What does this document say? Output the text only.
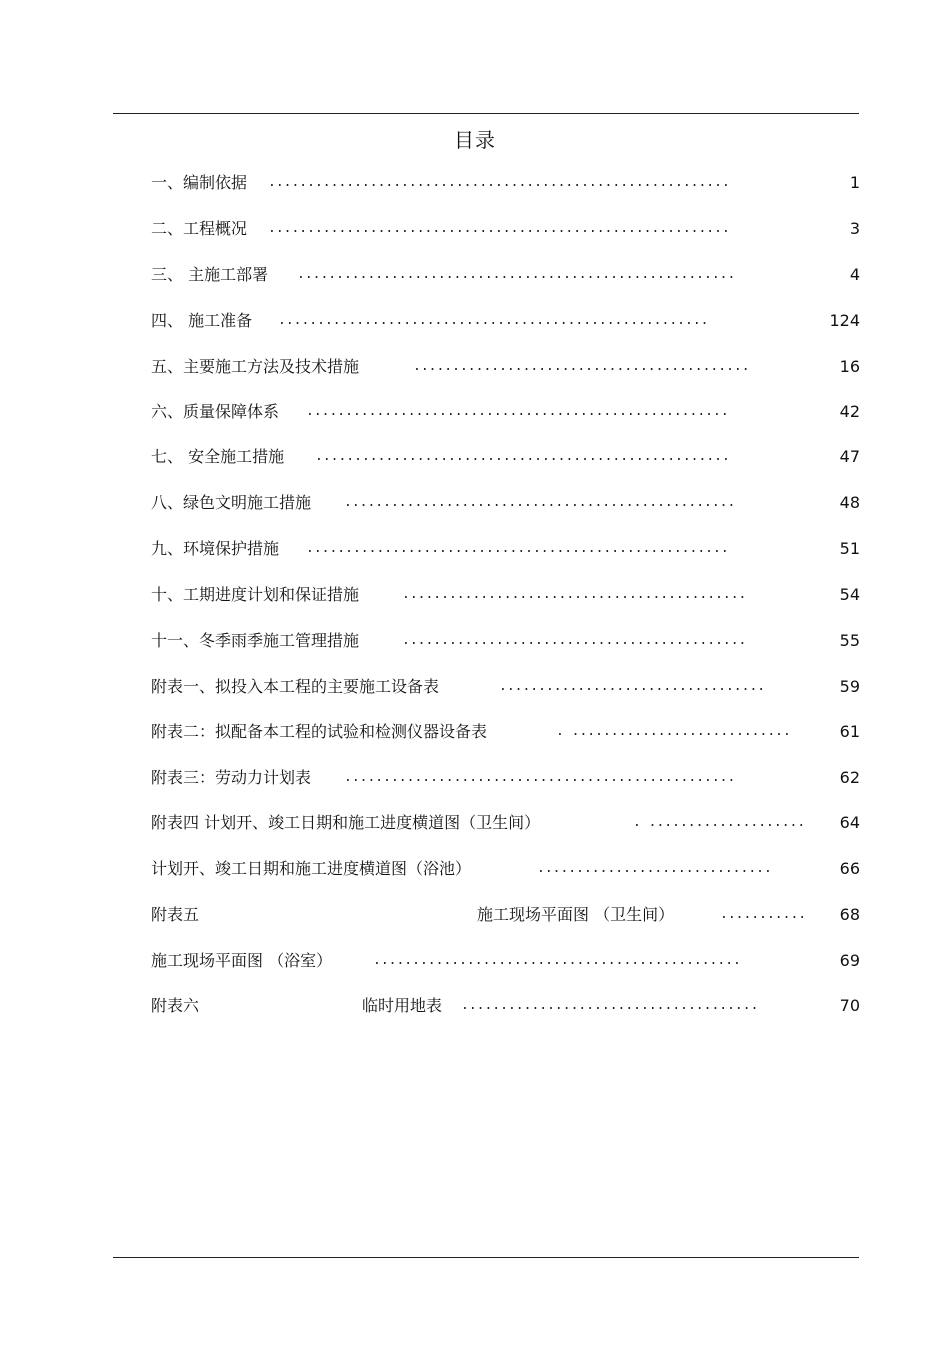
目录
一、编制依据 ...........................................................	1
二、工程概况 ...........................................................	3
三、 主施工部署 ........................................................	4
四、 施工准备 .......................................................	124
五、主要施工方法及技术措施	...........................................	16
六、质量保障体系 ......................................................	42
七、 安全施工措施 .....................................................	47
八、绿色文明施工措施	..................................................	48
九、环境保护措施 ......................................................	51
十、工期进度计划和保证措施	............................................	54
十一、冬季雨季施工管理措施	............................................	55
附表一、拟投入本工程的主要施工设备表	..................................	59
附表二：拟配备本工程的试验和检测仪器设备表	. ............................	61
附表三：劳动力计划表	..................................................	62
附表四 计划开、竣工日期和施工进度横道图（卫生间）	. .................... 64
计划开、竣工日期和施工进度横道图（浴池）	..............................	66
附表五	施工现场平面图 （卫生间）	........... 68
施工现场平面图 （浴室）	...............................................	69
附表六	临时用地表 ......................................	70
